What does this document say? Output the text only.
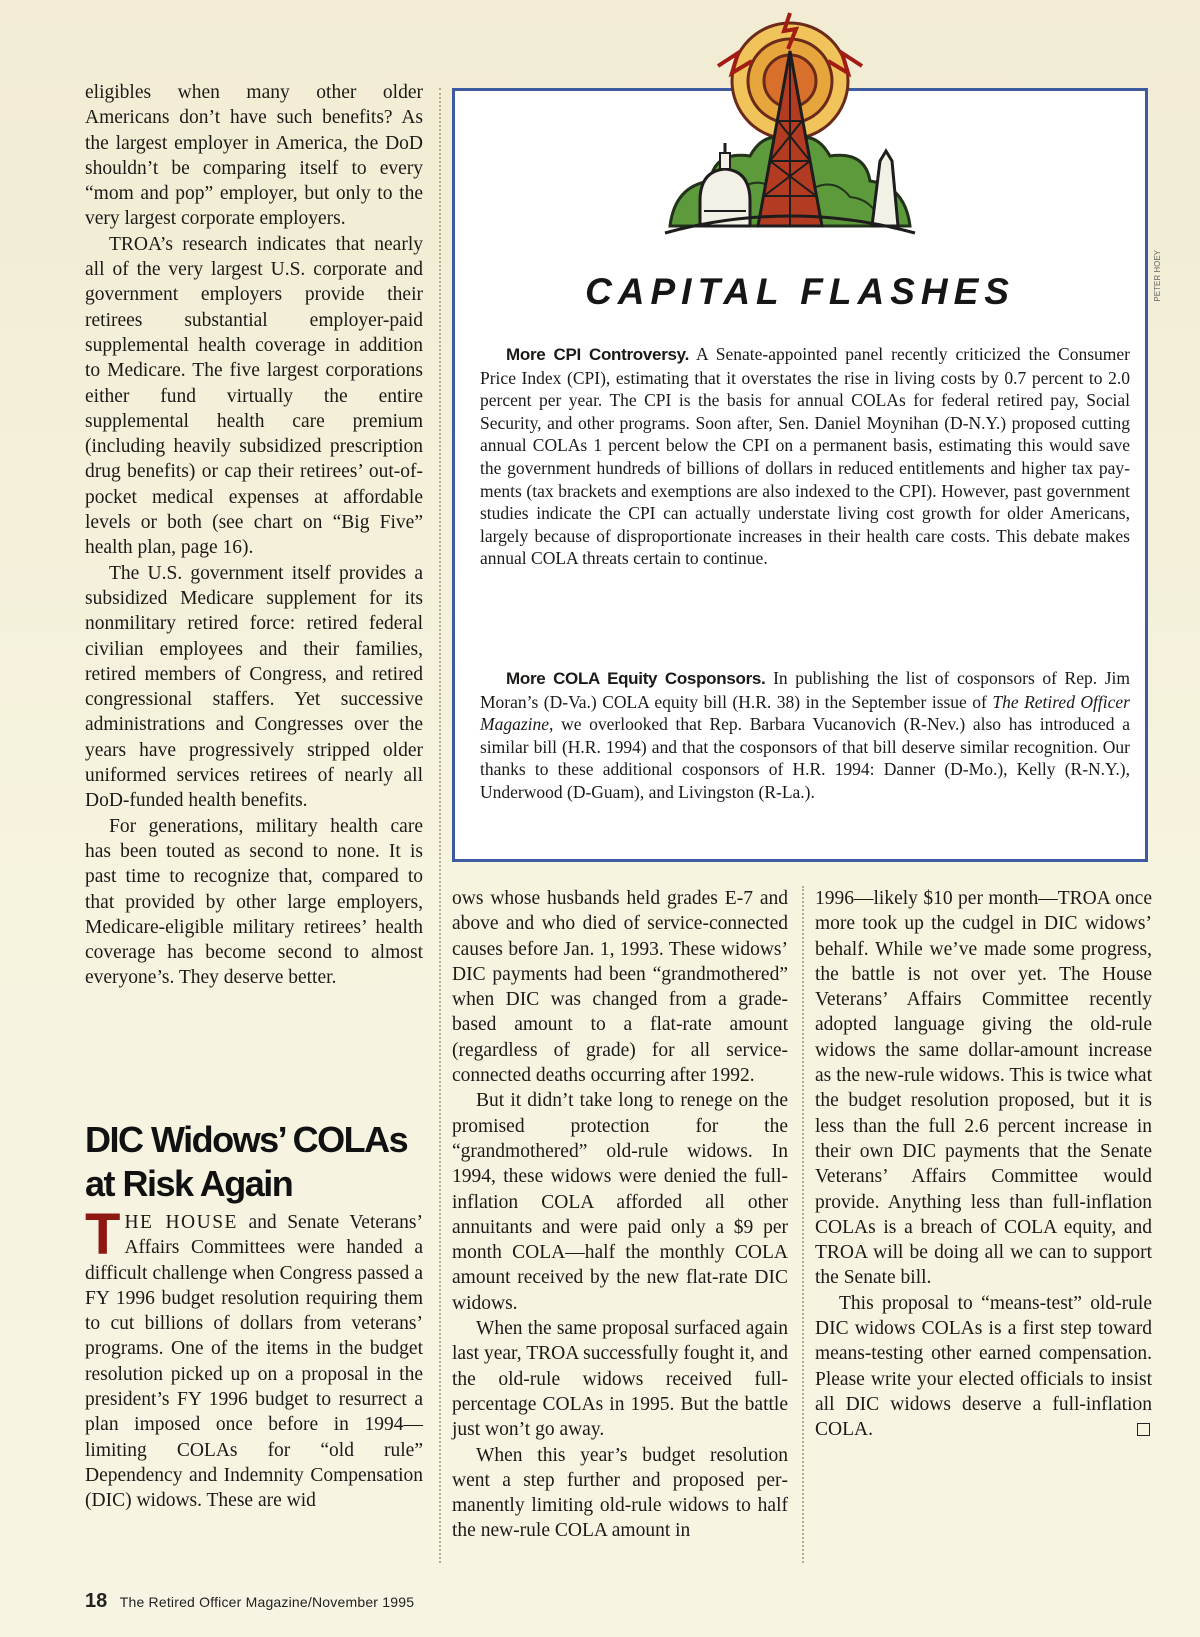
eligibles when many other older Americans don’t have such benefits? As the largest employer in America, the DoD shouldn’t be comparing itself to every “mom and pop” employer, but only to the very largest corporate employers.

TROA’s research indicates that nearly all of the very largest U.S. corporate and government employers provide their retirees substantial employer-paid supplemental health coverage in addition to Medicare. The five largest corporations either fund virtually the entire supplemental health care premium (including heavily subsidized prescription drug benefits) or cap their retirees’ out-of-pocket medical expenses at affordable levels or both (see chart on “Big Five” health plan, page 16).

The U.S. government itself provides a subsidized Medicare supplement for its nonmilitary retired force: retired federal civilian employees and their families, retired members of Congress, and retired congressional staffers. Yet successive administrations and Congresses over the years have progressively stripped older uniformed services retirees of nearly all DoD-funded health benefits.

For generations, military health care has been touted as second to none. It is past time to recognize that, compared to that provided by other large employers, Medicare-eligible military retirees’ health coverage has become second to almost everyone’s. They deserve better.

DIC Widows’ COLAs at Risk Again

THE HOUSE and Senate Veterans’ Affairs Committees were handed a difficult challenge when Congress passed a FY 1996 budget resolution requiring them to cut billions of dollars from veterans’ programs. One of the items in the budget resolution picked up on a proposal in the president’s FY 1996 budget to resurrect a plan imposed once before in 1994—limiting COLAs for “old rule” Dependency and Indemnity Compensation (DIC) widows. These are wid

ows whose husbands held grades E-7 and above and who died of service-connected causes before Jan. 1, 1993. These widows’ DIC payments had been “grandmothered” when DIC was changed from a grade-based amount to a flat-rate amount (regardless of grade) for all service-connected deaths occurring after 1992.

But it didn’t take long to renege on the promised protection for the “grandmothered” old-rule widows. In 1994, these widows were denied the full-inflation COLA afforded all other annuitants and were paid only a $9 per month COLA—half the monthly COLA amount received by the new flat-rate DIC widows.

When the same proposal surfaced again last year, TROA successfully fought it, and the old-rule widows received full-percentage COLAs in 1995. But the battle just won’t go away.

When this year’s budget resolution went a step further and proposed permanently limiting old-rule widows to half the new-rule COLA amount in

1996—likely $10 per month—TROA once more took up the cudgel in DIC widows’ behalf. While we’ve made some progress, the battle is not over yet. The House Veterans’ Affairs Committee recently adopted language giving the old-rule widows the same dollar-amount increase as the new-rule widows. This is twice what the budget resolution proposed, but it is less than the full 2.6 percent increase in their own DIC payments that the Senate Veterans’ Affairs Committee would provide. Anything less than full-inflation COLAs is a breach of COLA equity, and TROA will be doing all we can to support the Senate bill.

This proposal to “means-test” old-rule DIC widows COLAs is a first step toward means-testing other earned compensation. Please write your elected officials to insist all DIC widows deserve a full-inflation COLA.

CAPITAL FLASHES

More CPI Controversy. A Senate-appointed panel recently criticized the Consumer Price Index (CPI), estimating that it overstates the rise in living costs by 0.7 percent to 2.0 percent per year. The CPI is the basis for annual COLAs for federal retired pay, Social Security, and other programs. Soon after, Sen. Daniel Moynihan (D-N.Y.) proposed cutting annual COLAs 1 percent below the CPI on a permanent basis, estimating this would save the government hundreds of billions of dollars in reduced entitlements and higher tax payments (tax brackets and exemptions are also indexed to the CPI). However, past government studies indicate the CPI can actually understate living cost growth for older Americans, largely because of disproportionate increases in their health care costs. This debate makes annual COLA threats certain to continue.

More COLA Equity Cosponsors. In publishing the list of cosponsors of Rep. Jim Moran’s (D-Va.) COLA equity bill (H.R. 38) in the September issue of The Retired Officer Magazine, we overlooked that Rep. Barbara Vucanovich (R-Nev.) also has introduced a similar bill (H.R. 1994) and that the cosponsors of that bill deserve similar recognition. Our thanks to these additional cosponsors of H.R. 1994: Danner (D-Mo.), Kelly (R-N.Y.), Underwood (D-Guam), and Livingston (R-La.).

PETER HOEY
18 The Retired Officer Magazine/November 1995
